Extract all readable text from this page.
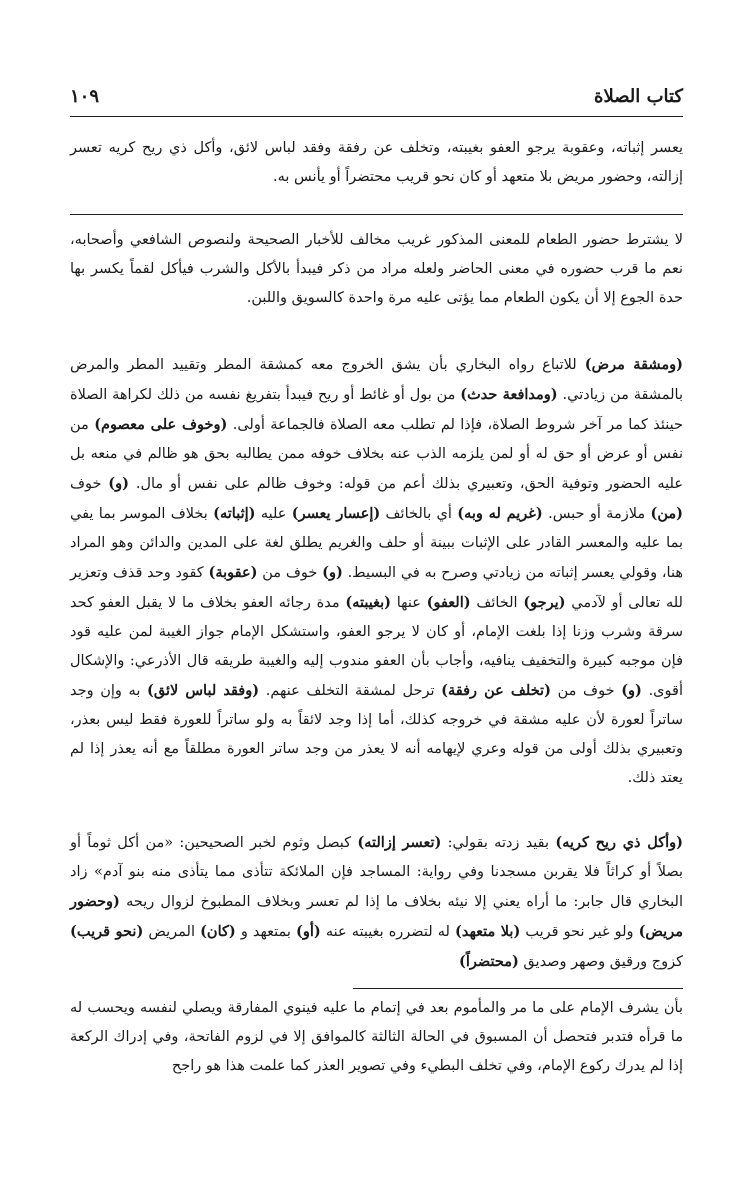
كتاب الصلاة
١٠٩

يعسر إثباته، وعقوبة يرجو العفو بغيبته، وتخلف عن رفقة وفقد لباس لائق، وأكل ذي ريح كريه تعسر إزالته، وحضور مريض بلا متعهد أو كان نحو قريب محتضراً أو يأنس به.

لا يشترط حضور الطعام للمعنى المذكور غريب مخالف للأخبار الصحيحة ولنصوص الشافعي وأصحابه، نعم ما قرب حضوره في معنى الحاضر ولعله مراد من ذكر فيبدأ بالأكل والشرب فيأكل لقماً يكسر بها حدة الجوع إلا أن يكون الطعام مما يؤتى عليه مرة واحدة كالسويق واللبن.

(ومشقة مرض) للاتباع رواه البخاري بأن يشق الخروج معه كمشقة المطر وتقييد المطر والمرض بالمشقة من زيادتي. (ومدافعة حدث) من بول أو غائط أو ريح فيبدأ بتفريغ نفسه من ذلك لكراهة الصلاة حينئذ كما مر آخر شروط الصلاة، فإذا لم تطلب معه الصلاة فالجماعة أولى. (وخوف على معصوم) من نفس أو عرض أو حق له أو لمن يلزمه الذب عنه بخلاف خوفه ممن يطالبه بحق هو ظالم في منعه بل عليه الحضور وتوفية الحق، وتعبيري بذلك أعم من قوله: وخوف ظالم على نفس أو مال. (و) خوف (من) ملازمة أو حبس. (غريم له وبه) أي بالخائف (إعسار يعسر) عليه (إثباته) بخلاف الموسر بما يفي بما عليه والمعسر القادر على الإثبات ببينة أو حلف والغريم يطلق لغة على المدين والدائن وهو المراد هنا، وقولي يعسر إثباته من زيادتي وصرح به في البسيط. (و) خوف من (عقوبة) كقود وحد قذف وتعزير لله تعالى أو لآدمي (يرجو) الخائف (العفو) عنها (بغيبته) مدة رجائه العفو بخلاف ما لا يقبل العفو كحد سرقة وشرب وزنا إذا بلغت الإمام، أو كان لا يرجو العفو، واستشكل الإمام جواز الغيبة لمن عليه قود فإن موجبه كبيرة والتخفيف ينافيه، وأجاب بأن العفو مندوب إليه والغيبة طريقه قال الأذرعي: والإشكال أقوى. (و) خوف من (تخلف عن رفقة) ترحل لمشقة التخلف عنهم. (وفقد لباس لائق) به وإن وجد ساتراً لعورة لأن عليه مشقة في خروجه كذلك، أما إذا وجد لائقاً به ولو ساتراً للعورة فقط ليس بعذر، وتعبيري بذلك أولى من قوله وعري لإيهامه أنه لا يعذر من وجد ساتر العورة مطلقاً مع أنه يعذر إذا لم يعتد ذلك.

(وأكل ذي ريح كريه) بقيد زدته بقولي: (تعسر إزالته) كبصل وثوم لخبر الصحيحين: «من أكل ثوماً أو بصلاً أو كراثاً فلا يقربن مسجدنا وفي رواية: المساجد فإن الملائكة تتأذى مما يتأذى منه بنو آدم» زاد البخاري قال جابر: ما أراه يعني إلا نيئه بخلاف ما إذا لم تعسر وبخلاف المطبوخ لزوال ريحه (وحضور مريض) ولو غير نحو قريب (بلا متعهد) له لتضرره بغيبته عنه (أو) بمتعهد و (كان) المريض (نحو قريب) كزوج ورقيق وصهر وصديق (محتضراً)

بأن يشرف الإمام على ما مر والمأموم بعد في إتمام ما عليه فينوي المفارقة ويصلي لنفسه ويحسب له ما قرأه فتدبر فتحصل أن المسبوق في الحالة الثالثة كالموافق إلا في لزوم الفاتحة، وفي إدراك الركعة إذا لم يدرك ركوع الإمام، وفي تخلف البطيء وفي تصوير العذر كما علمت هذا هو راجح
